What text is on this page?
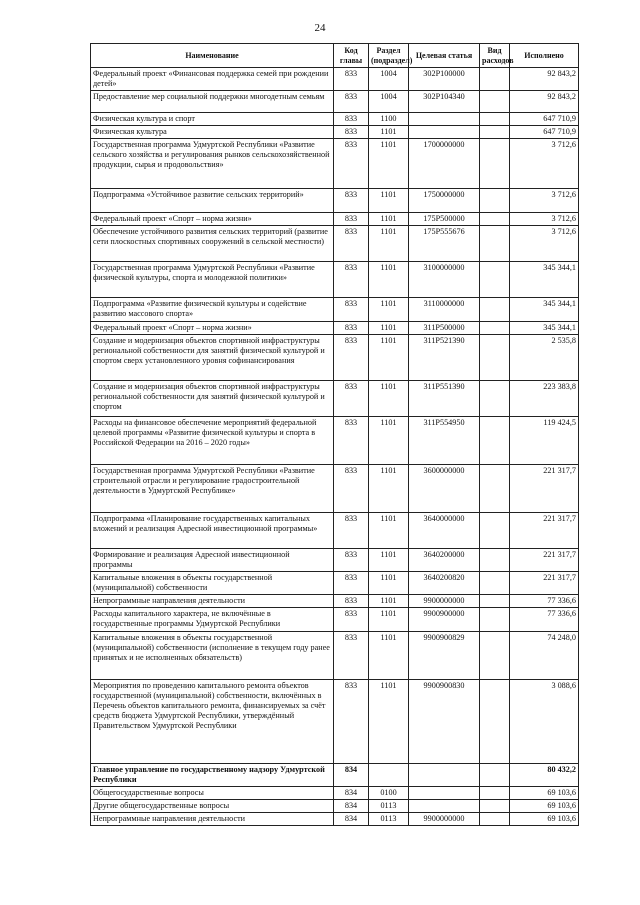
24
Наименование	Код главы	Раздел (подраздел)	Целевая статья	Вид расходов	Исполнено
Федеральный проект «Финансовая поддержка семей при рождении детей»	833	1004	302Р100000		92 843,2
Предоставление мер социальной поддержки многодетным семьям	833	1004	302Р104340		92 843,2
Физическая культура и спорт	833	1100			647 710,9
Физическая культура	833	1101			647 710,9
Государственная программа Удмуртской Республики «Развитие сельского хозяйства и регулирования рынков сельскохозяйственной продукции, сырья и продовольствия»	833	1101	1700000000		3 712,6
Подпрограмма «Устойчивое развитие сельских территорий»	833	1101	1750000000		3 712,6
Федеральный проект «Спорт – норма жизни»	833	1101	175Р500000		3 712,6
Обеспечение устойчивого развития сельских территорий (развитие сети плоскостных спортивных сооружений в сельской местности)	833	1101	175Р555676		3 712,6
Государственная программа Удмуртской Республики «Развитие физической культуры, спорта и молодежной политики»	833	1101	3100000000		345 344,1
Подпрограмма «Развитие физической культуры и содействие развитию массового спорта»	833	1101	3110000000		345 344,1
Федеральный проект «Спорт – норма жизни»	833	1101	311Р500000		345 344,1
Создание и модернизация объектов спортивной инфраструктуры региональной собственности для занятий физической культурой и спортом сверх установленного уровня софинансирования	833	1101	311Р521390		2 535,8
Создание и модернизация объектов спортивной инфраструктуры региональной собственности для занятий физической культурой и спортом	833	1101	311Р551390		223 383,8
Расходы на финансовое обеспечение мероприятий федеральной целевой программы «Развитие физической культуры и спорта в Российской Федерации на 2016 – 2020 годы»	833	1101	311Р554950		119 424,5
Государственная программа Удмуртской Республики «Развитие строительной отрасли и регулирование градостроительной деятельности в Удмуртской Республике»	833	1101	3600000000		221 317,7
Подпрограмма «Планирование государственных капитальных вложений и реализация Адресной инвестиционной программы»	833	1101	3640000000		221 317,7
Формирование и реализация Адресной инвестиционной программы	833	1101	3640200000		221 317,7
Капитальные вложения в объекты государственной (муниципальной) собственности	833	1101	3640200820		221 317,7
Непрограммные направления деятельности	833	1101	9900000000		77 336,6
Расходы капитального характера, не включённые в государственные программы Удмуртской Республики	833	1101	9900900000		77 336,6
Капитальные вложения в объекты государственной (муниципальной) собственности (исполнение в текущем году ранее принятых и не исполненных обязательств)	833	1101	9900900829		74 248,0
Мероприятия по проведению капитального ремонта объектов государственной (муниципальной) собственности, включённых в Перечень объектов капитального ремонта, финансируемых за счёт средств бюджета Удмуртской Республики, утверждённый Правительством Удмуртской Республики	833	1101	9900900830		3 088,6
Главное управление по государственному надзору Удмуртской Республики	834				80 432,2
Общегосударственные вопросы	834	0100			69 103,6
Другие общегосударственные вопросы	834	0113			69 103,6
Непрограммные направления деятельности	834	0113	9900000000		69 103,6
